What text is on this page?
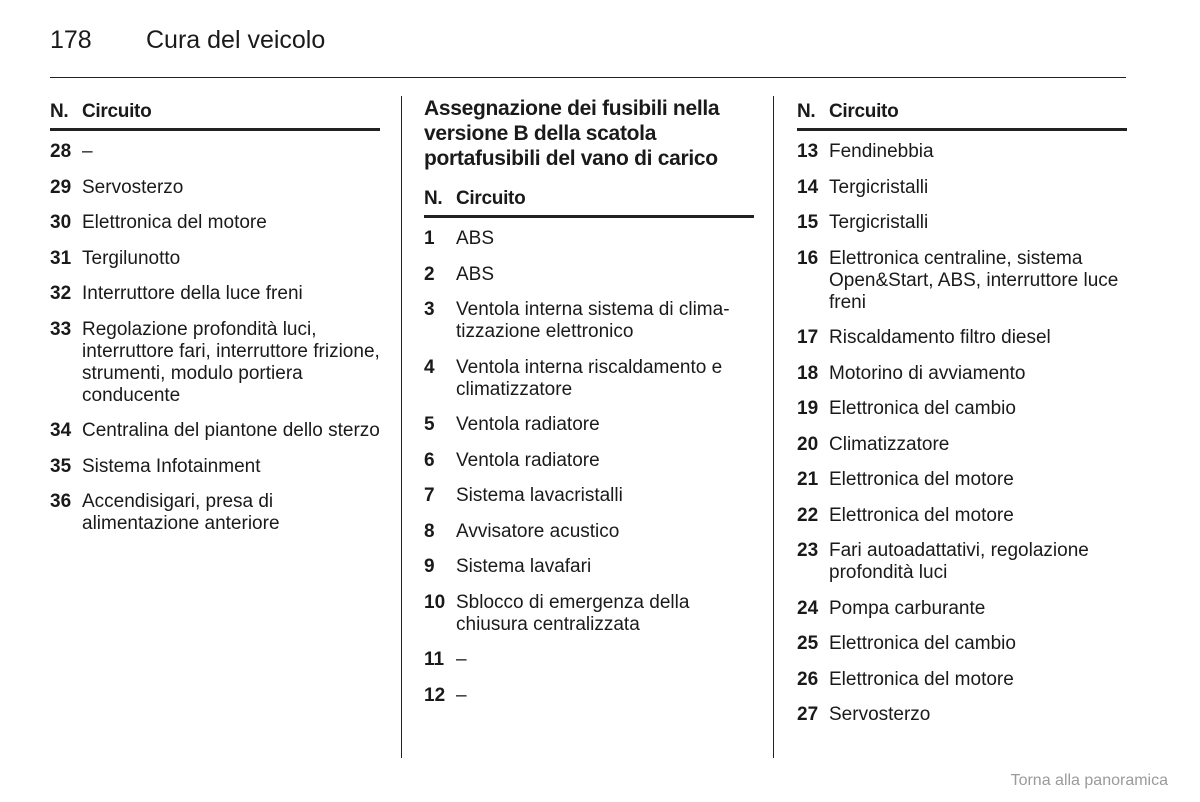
178 Cura del veicolo
N. Circuito
28 –
29 Servosterzo
30 Elettronica del motore
31 Tergilunotto
32 Interruttore della luce freni
33 Regolazione profondità luci, interruttore fari, interruttore frizione, strumenti, modulo portiera conducente
34 Centralina del piantone dello sterzo
35 Sistema Infotainment
36 Accendisigari, presa di alimentazione anteriore
Assegnazione dei fusibili nella versione B della scatola portafusibili del vano di carico
N. Circuito
1	ABS
2	ABS
3	Ventola interna sistema di climatizzazione elettronico
4	Ventola interna riscaldamento e climatizzatore
5	Ventola radiatore
6	Ventola radiatore
7	Sistema lavacristalli
8	Avvisatore acustico
9	Sistema lavafari
10 Sblocco di emergenza della chiusura centralizzata
11 –
12 –
N. Circuito
13 Fendinebbia
14 Tergicristalli
15 Tergicristalli
16 Elettronica centraline, sistema Open&Start, ABS, interruttore luce freni
17 Riscaldamento filtro diesel
18 Motorino di avviamento
19 Elettronica del cambio
20 Climatizzatore
21 Elettronica del motore
22 Elettronica del motore
23 Fari autoadattativi, regolazione profondità luci
24 Pompa carburante
25 Elettronica del cambio
26 Elettronica del motore
27 Servosterzo
Torna alla panoramica
